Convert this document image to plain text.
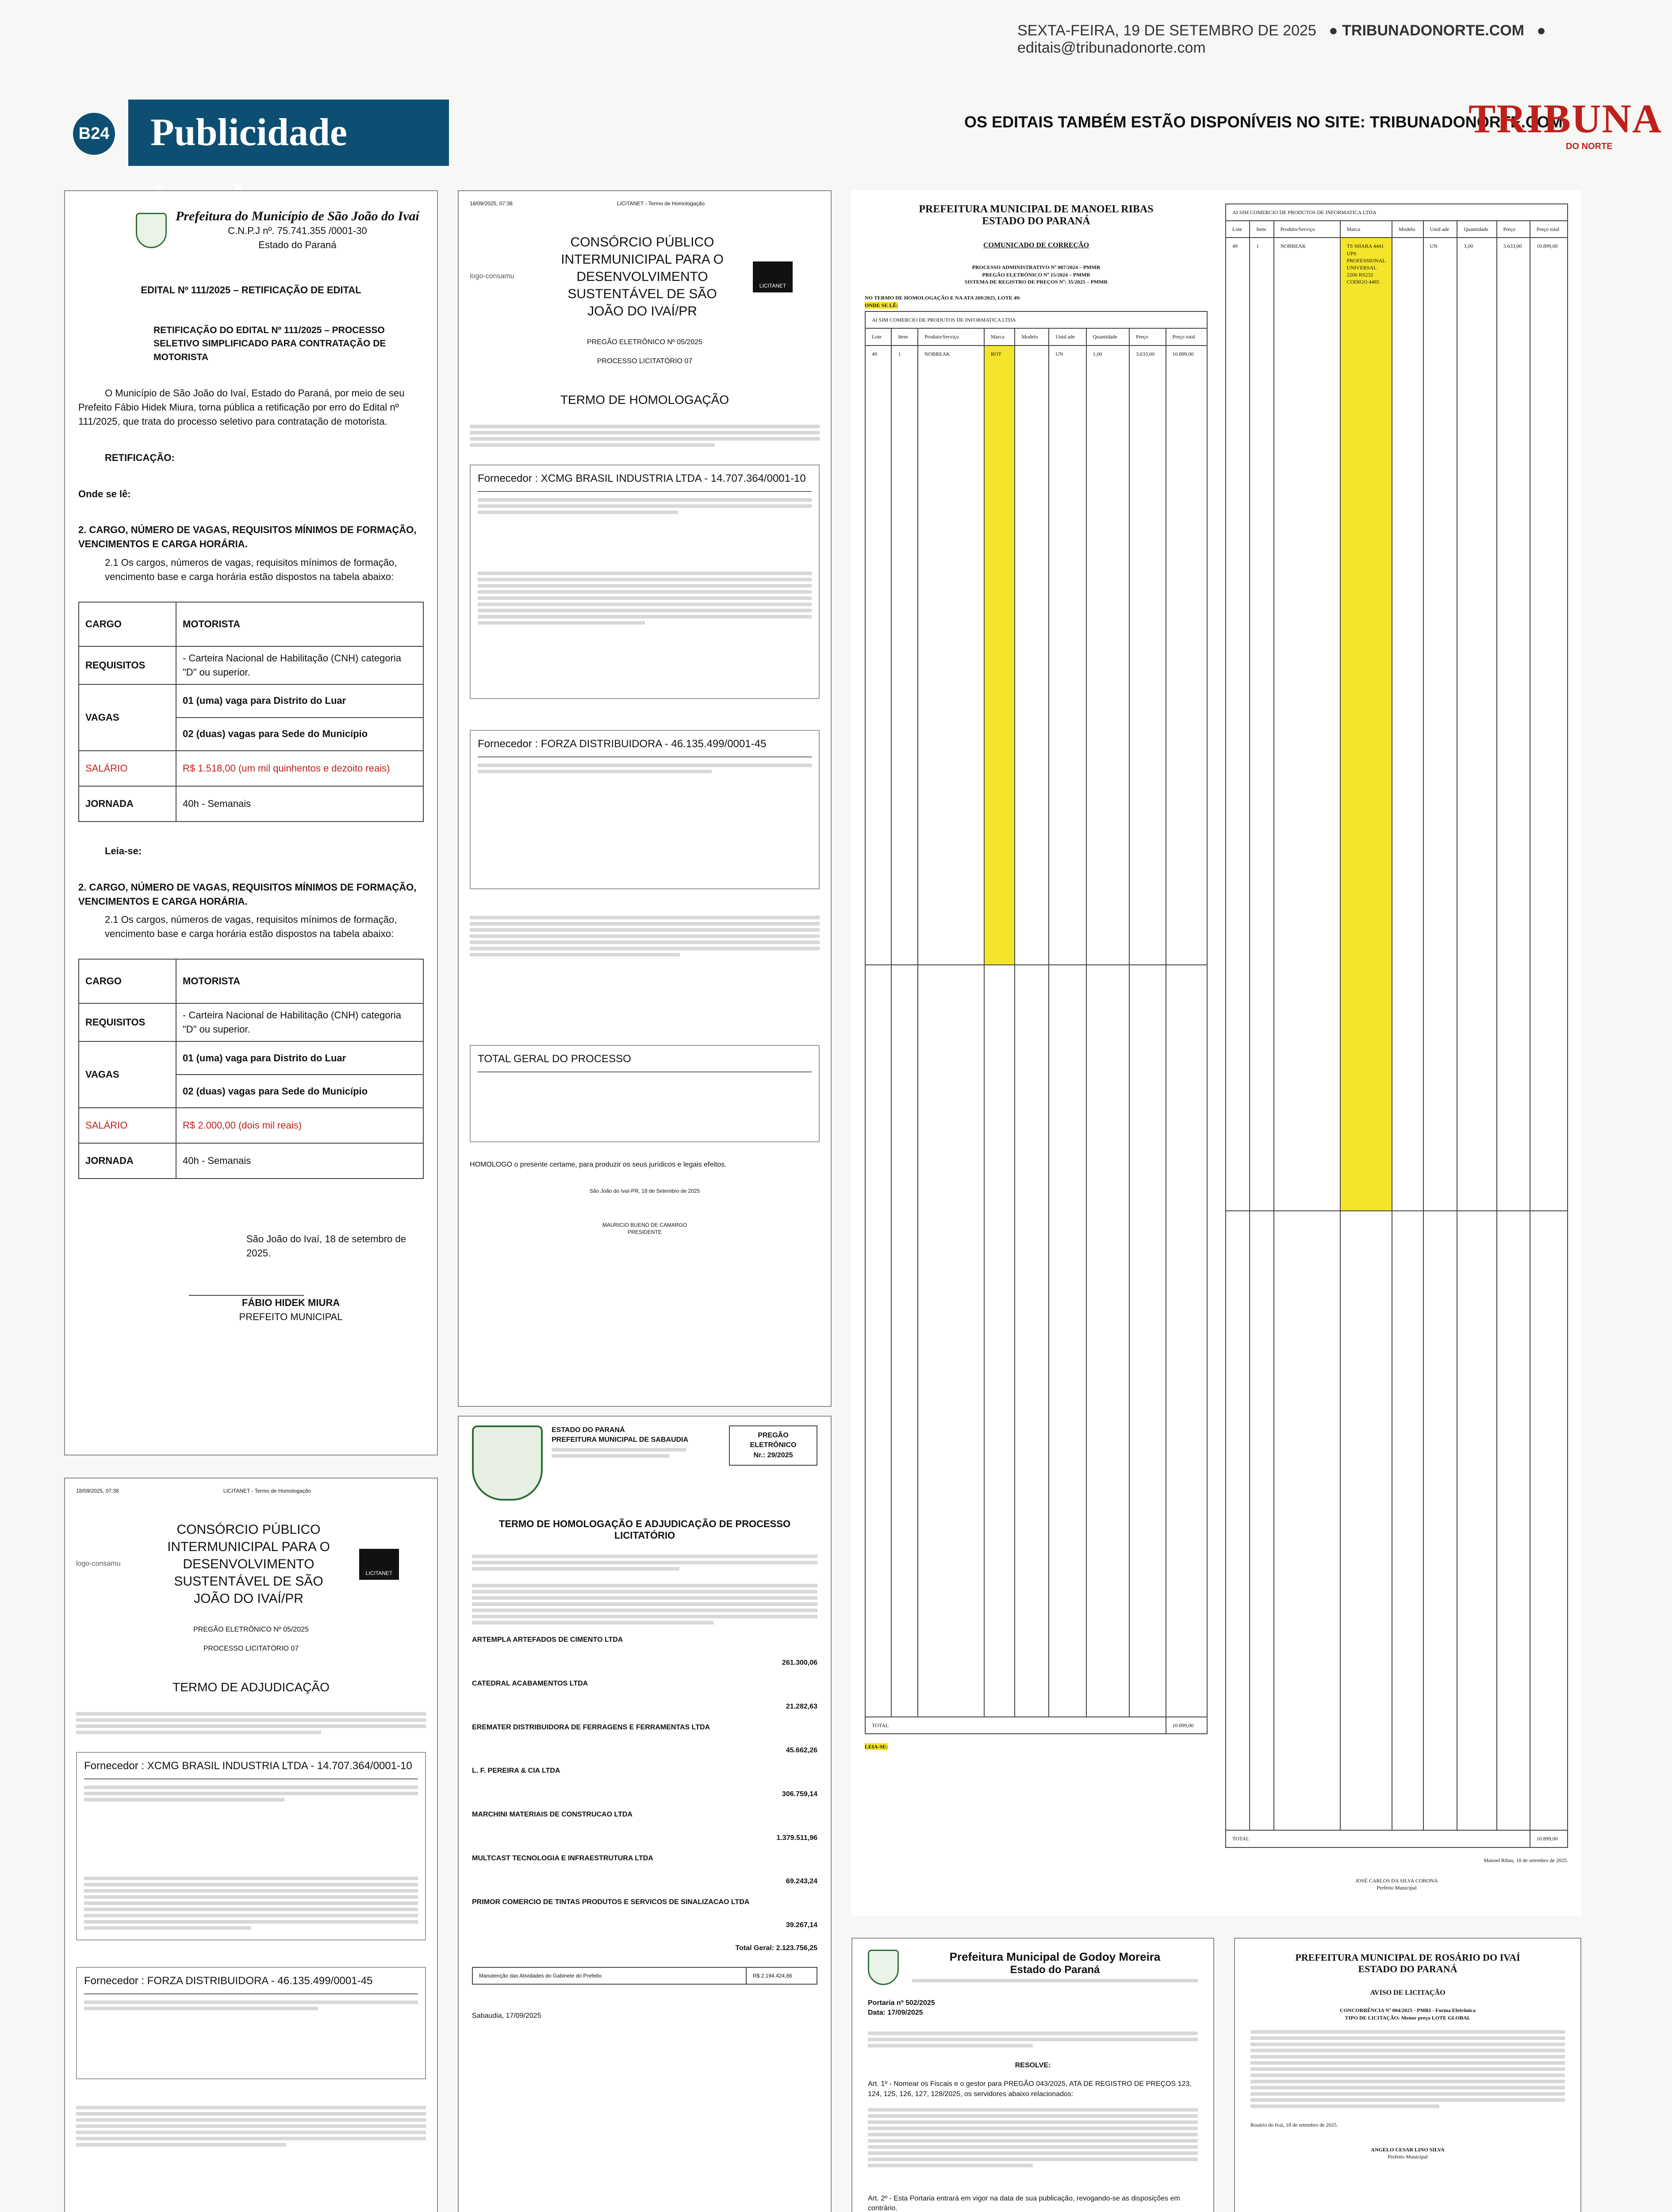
SEXTA-FEIRA, 19 DE SETEMBRO DE 2025   ● TRIBUNADONORTE.COM   ● editais@tribunadonorte.com
B24	Publicidade	OS EDITAIS TAMBÉM ESTÃO DISPONÍVEIS NO SITE: TRIBUNADONORTE.COM
TRIBUNA
DO NORTE
Prefeitura do Município de São João do Ivaí
C.N.P.J nº. 75.741.355 /0001-30
Estado do Paraná
EDITAL Nº 111/2025 – RETIFICAÇÃO DE EDITAL
RETIFICAÇÃO DO EDITAL Nº 111/2025 – PROCESSO SELETIVO SIMPLIFICADO PARA CONTRATAÇÃO DE MOTORISTA
O Município de São João do Ivaí, Estado do Paraná, por meio de seu Prefeito Fábio Hidek Miura, torna pública a retificação por erro do Edital nº 111/2025, que trata do processo seletivo para contratação de motorista.
RETIFICAÇÃO:
Onde se lê:
2. CARGO, NÚMERO DE VAGAS, REQUISITOS MÍNIMOS DE FORMAÇÃO, VENCIMENTOS E CARGA HORÁRIA.
2.1 Os cargos, números de vagas, requisitos mínimos de formação, vencimento base e carga horária estão dispostos na tabela abaixo:
CARGO	MOTORISTA
REQUISITOS	- Carteira Nacional de Habilitação (CNH) categoria "D" ou superior.
VAGAS	01 (uma) vaga para Distrito do Luar
	02 (duas) vagas para Sede do Município
SALÁRIO	R$ 1.518,00 (um mil quinhentos e dezoito reais)
JORNADA	40h - Semanais
Leia-se:
2. CARGO, NÚMERO DE VAGAS, REQUISITOS MÍNIMOS DE FORMAÇÃO, VENCIMENTOS E CARGA HORÁRIA.
2.1 Os cargos, números de vagas, requisitos mínimos de formação, vencimento base e carga horária estão dispostos na tabela abaixo:
CARGO	MOTORISTA
REQUISITOS	- Carteira Nacional de Habilitação (CNH) categoria "D" ou superior.
VAGAS	01 (uma) vaga para Distrito do Luar
	02 (duas) vagas para Sede do Município
SALÁRIO	R$ 2.000,00 (dois mil reais)
JORNADA	40h - Semanais
São João do Ivaí, 18 de setembro de 2025.
FÁBIO HIDEK MIURA
PREFEITO MUNICIPAL
18/09/2025, 07:38	LICITANET - Termo de Homologação
logo-consamu
CONSÓRCIO PÚBLICO INTERMUNICIPAL PARA O DESENVOLVIMENTO SUSTENTÁVEL DE SÃO JOÃO DO IVAÍ/PR
LICITANET
PREGÃO ELETRÔNICO Nº 05/2025
PROCESSO LICITATÓRIO 07
TERMO DE ADJUDICAÇÃO
Fornecedor : XCMG BRASIL INDUSTRIA LTDA - 14.707.364/0001-10
Fornecedor : FORZA DISTRIBUIDORA - 46.135.499/0001-45
18/09/2025, 07:38	LICITANET - Termo de Homologação
logo-consamu
CONSÓRCIO PÚBLICO INTERMUNICIPAL PARA O DESENVOLVIMENTO SUSTENTÁVEL DE SÃO JOÃO DO IVAÍ/PR
LICITANET
PREGÃO ELETRÔNICO Nº 05/2025
PROCESSO LICITATÓRIO 07
TERMO DE HOMOLOGAÇÃO
Fornecedor : XCMG BRASIL INDUSTRIA LTDA - 14.707.364/0001-10
Fornecedor : FORZA DISTRIBUIDORA - 46.135.499/0001-45
TOTAL GERAL DO PROCESSO
HOMOLOGO o presente certame, para produzir os seus jurídicos e legais efeitos.
São João do Ivaí-PR, 18 de Setembro de 2025
MAURICIO BUENO DE CAMARGO
PRESIDENTE
ESTADO DO PARANÁ
PREFEITURA MUNICIPAL DE SABAUDIA
PREGÃO ELETRÔNICO
Nr.: 29/2025
TERMO DE HOMOLOGAÇÃO E ADJUDICAÇÃO DE PROCESSO LICITATÓRIO
ARTEMPLA ARTEFADOS DE CIMENTO LTDA
261.300,06
CATEDRAL ACABAMENTOS LTDA
21.282,63
EREMATER DISTRIBUIDORA DE FERRAGENS E FERRAMENTAS LTDA
45.662,26
L. F. PEREIRA & CIA LTDA
306.759,14
MARCHINI MATERIAIS DE CONSTRUCAO LTDA
1.379.511,96
MULTCAST TECNOLOGIA E INFRAESTRUTURA LTDA
69.243,24
PRIMOR COMERCIO DE TINTAS PRODUTOS E SERVICOS DE SINALIZACAO LTDA
39.267,14
Total Geral: 2.123.756,25
Manutenção das Atividades do Gabinete do Prefeito	R$ 2.194.424,86
Sabaudia, 17/09/2025
PREFEITURA MUNICIPAL DE MANOEL RIBAS
ESTADO DO PARANÁ
COMUNICADO DE CORREÇÃO
PROCESSO ADMINISTRATIVO Nº 087/2024 – PMMR
PREGÃO ELETRÔNICO Nº 15/2024 – PMMR
SISTEMA DE REGISTRO DE PREÇOS Nº: 35/2025 – PMMR
NO TERMO DE HOMOLOGAÇÃO E NA ATA 269/2025, LOTE 49:
ONDE SE LÊ:
AI SIM COMERCIO DE PRODUTOS DE INFORMATICA LTDA								
Lote	Item	Produto/Serviço	Marca	Modelo	Unid ade	Quantidade	Preço	Preço total
49	1	NOBREAK	ROT		UN	1,00	3.633,00	10.899,00

TOTAL								10.899,00
LEIA-SE:
AI SIM COMERCIO DE PRODUTOS DE INFORMATICA LTDA								
Lote	Item	Produto/Serviço	Marca	Modelo	Unid ade	Quantidade	Preço	Preço total
49	1	NOBREAK	TS SHARA 4441 UPS PROFESSIONAL UNIVERSAL 2200 RS232 CODIGO 4485		UN	3,00	3.633,00	10.899,00

TOTAL								10.899,00
Manoel Ribas, 18 de setembro de 2025.
JOSÉ CARLOS DA SILVA CORONA
Prefeito Municipal
Prefeitura Municipal de Godoy Moreira
Estado do Paraná
Portaria nº 502/2025
Data: 17/09/2025
RESOLVE:
Art. 1º - Nomear os Fiscais e o gestor para PREGÃO 043/2025, ATA DE REGISTRO DE PREÇOS 123, 124, 125, 126, 127, 128/2025, os servidores abaixo relacionados:
Art. 2º - Esta Portaria entrará em vigor na data de sua publicação, revogando-se as disposições em contrário.
PREFEITURA MUNICIPAL DE ROSÁRIO DO IVAÍ
ESTADO DO PARANÁ
AVISO DE LICITAÇÃO
CONCORRÊNCIA Nº 004/2025 - PMRI - Forma Eletrônica
TIPO DE LICITAÇÃO: Menor preço LOTE GLOBAL
Rosário do Ivaí, 18 de setembro de 2025.
ANGELO CESAR LINO SILVA
Prefeito Municipal
